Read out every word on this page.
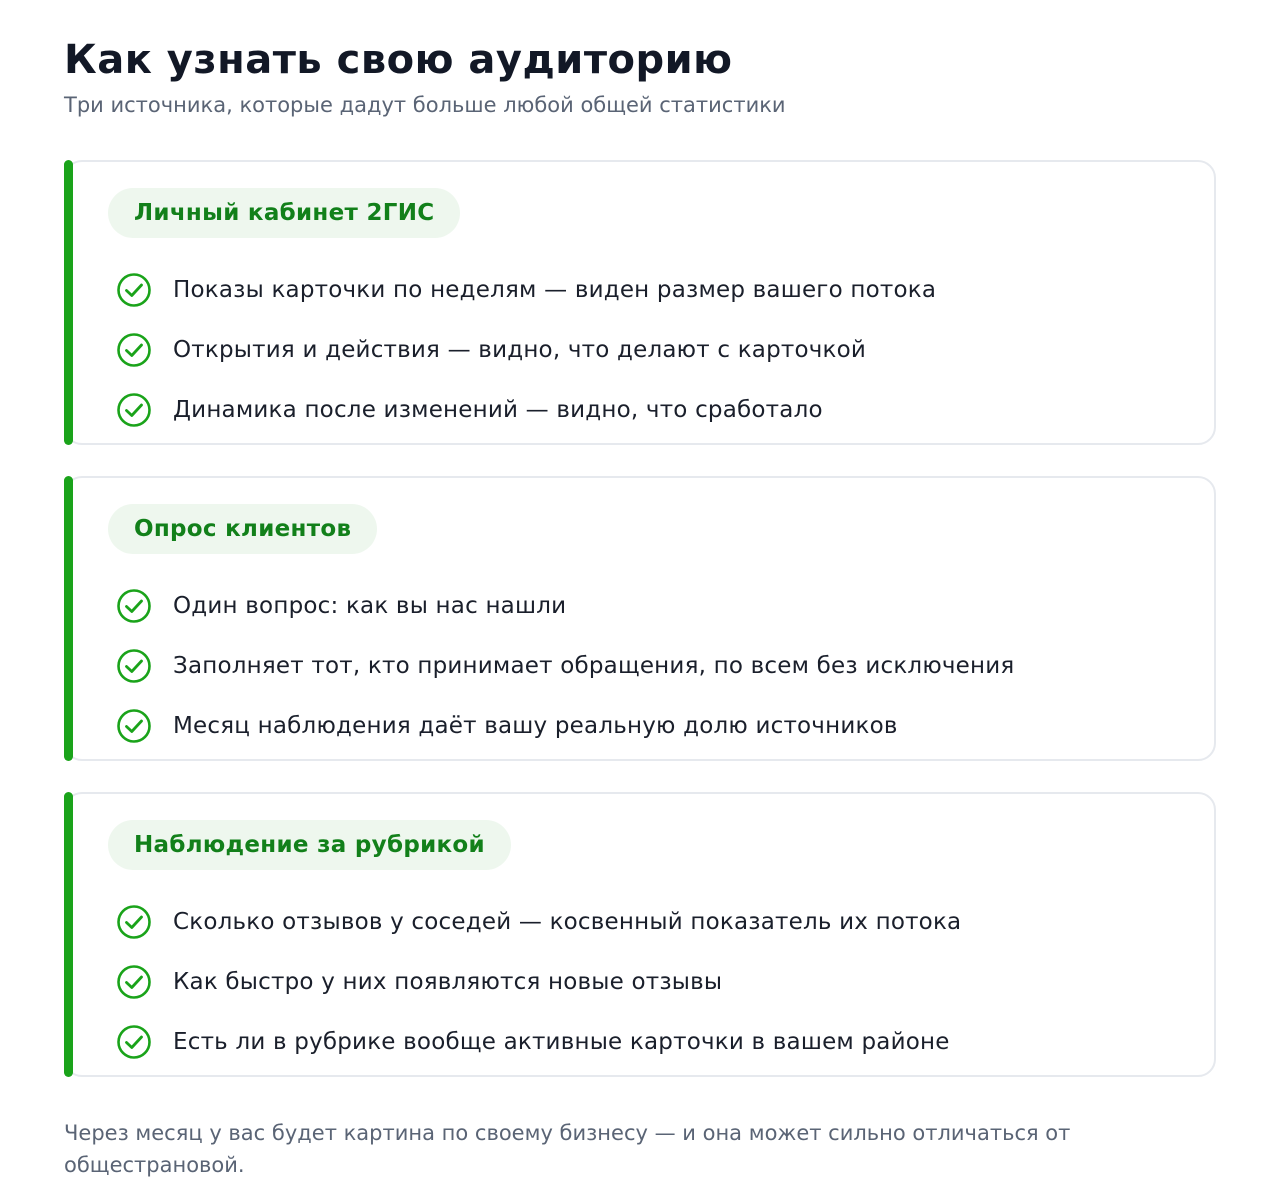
Как узнать свою аудиторию

Три источника, которые дадут больше любой общей статистики

Личный кабинет 2ГИС
Показы карточки по неделям — виден размер вашего потока
Открытия и действия — видно, что делают с карточкой
Динамика после изменений — видно, что сработало
Опрос клиентов
Один вопрос: как вы нас нашли
Заполняет тот, кто принимает обращения, по всем без исключения
Месяц наблюдения даёт вашу реальную долю источников
Наблюдение за рубрикой
Сколько отзывов у соседей — косвенный показатель их потока
Как быстро у них появляются новые отзывы
Есть ли в рубрике вообще активные карточки в вашем районе

Через месяц у вас будет картина по своему бизнесу — и она может сильно отличаться от общестрановой.
